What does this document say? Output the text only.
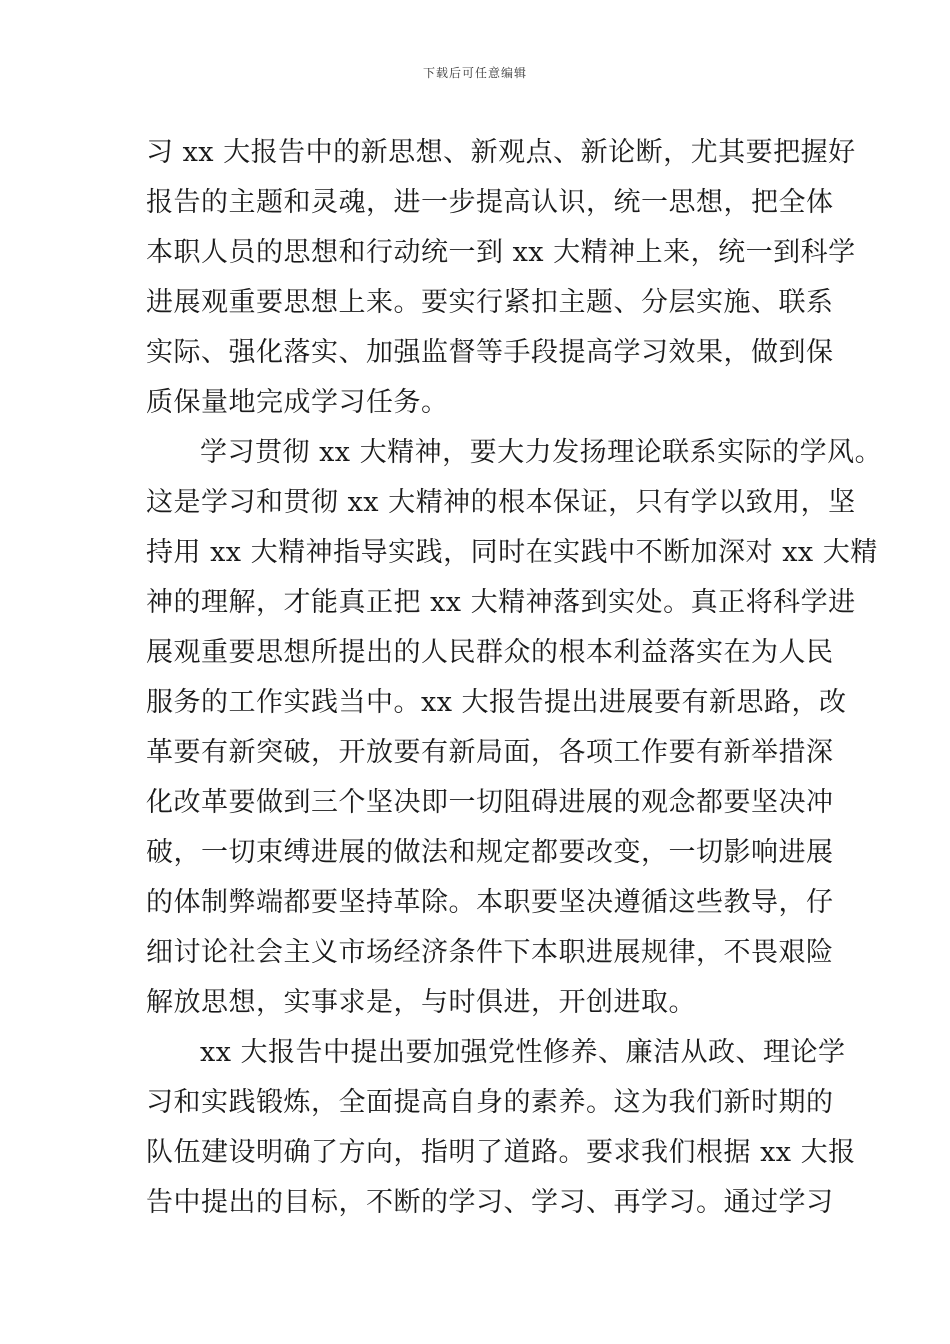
下载后可任意编辑
习 xx 大报告中的新思想、新观点、新论断，尤其要把握好
报告的主题和灵魂，进一步提高认识，统一思想，把全体
本职人员的思想和行动统一到 xx 大精神上来，统一到科学
进展观重要思想上来。要实行紧扣主题、分层实施、联系
实际、强化落实、加强监督等手段提高学习效果，做到保
质保量地完成学习任务。
学习贯彻 xx 大精神，要大力发扬理论联系实际的学风。
这是学习和贯彻 xx 大精神的根本保证，只有学以致用，坚
持用 xx 大精神指导实践，同时在实践中不断加深对 xx 大精
神的理解，才能真正把 xx 大精神落到实处。真正将科学进
展观重要思想所提出的人民群众的根本利益落实在为人民
服务的工作实践当中。xx 大报告提出进展要有新思路，改
革要有新突破，开放要有新局面，各项工作要有新举措深
化改革要做到三个坚决即一切阻碍进展的观念都要坚决冲
破，一切束缚进展的做法和规定都要改变，一切影响进展
的体制弊端都要坚持革除。本职要坚决遵循这些教导，仔
细讨论社会主义市场经济条件下本职进展规律，不畏艰险
解放思想，实事求是，与时俱进，开创进取。
xx 大报告中提出要加强党性修养、廉洁从政、理论学
习和实践锻炼，全面提高自身的素养。这为我们新时期的
队伍建设明确了方向，指明了道路。要求我们根据 xx 大报
告中提出的目标，不断的学习、学习、再学习。通过学习
